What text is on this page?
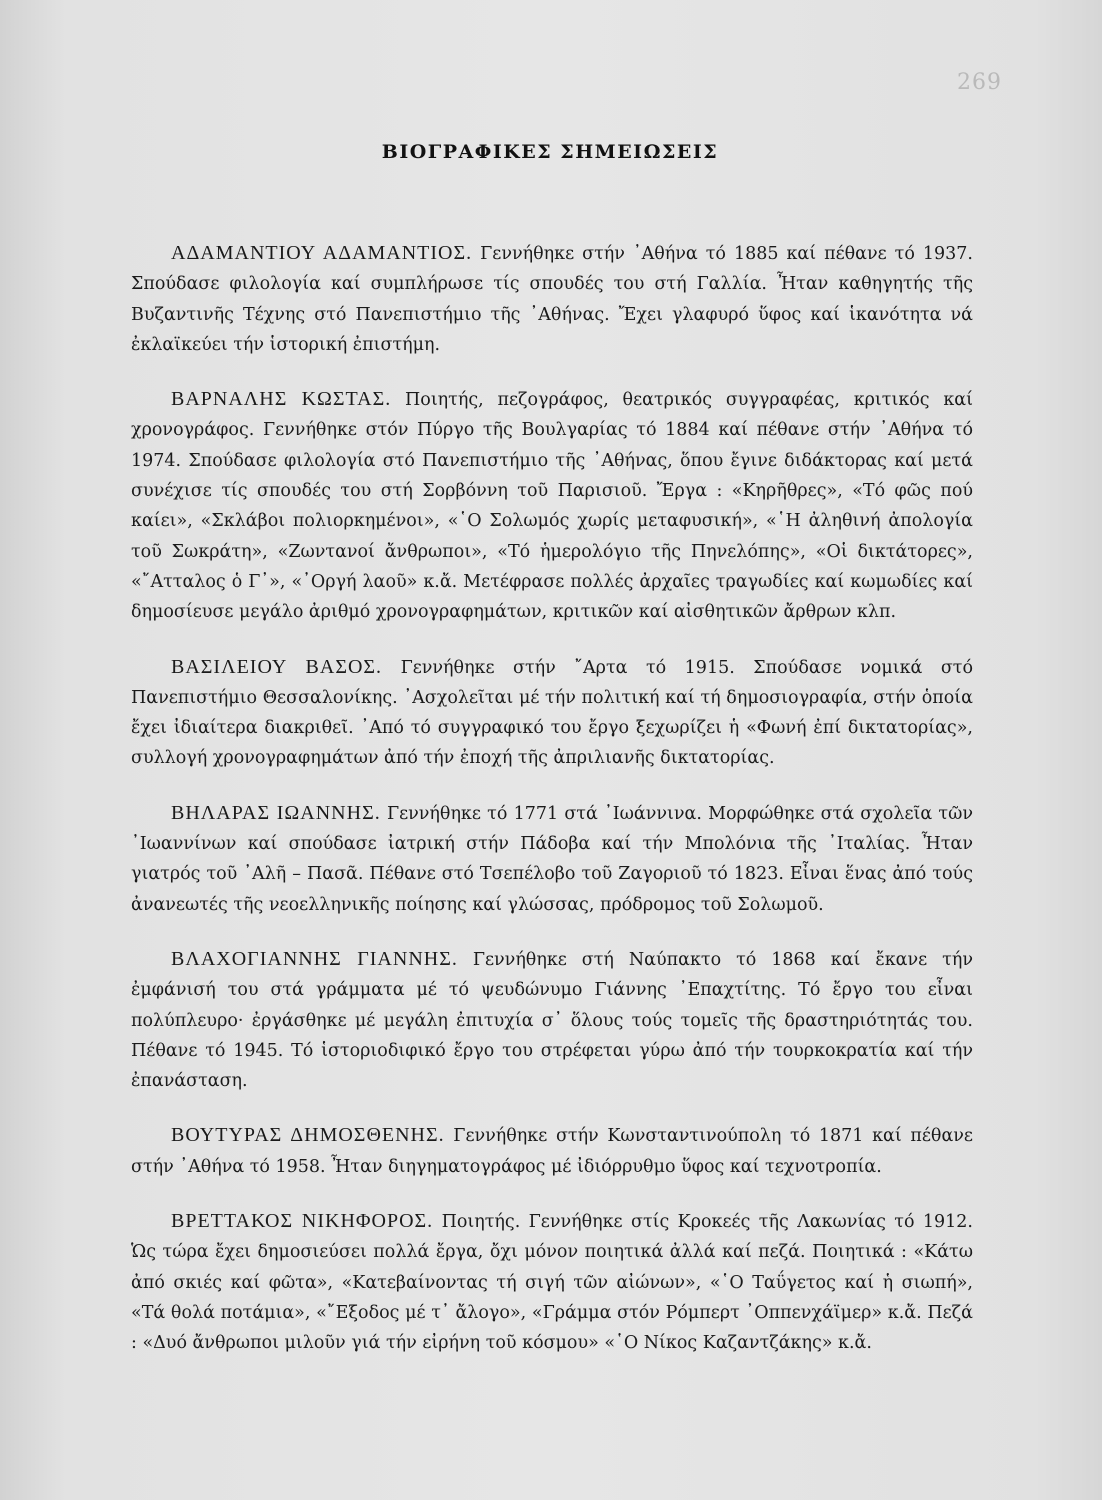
269
ΒΙΟΓΡΑΦΙΚΕΣ ΣΗΜΕΙΩΣΕΙΣ

ΑΔΑΜΑΝΤΙΟΥ ΑΔΑΜΑΝΤΙΟΣ. Γεννήθηκε στήν ᾽Αθήνα τό 1885 καί πέθανε τό 1937. Σπούδασε φιλολογία καί συμπλήρωσε τίς σπουδές του στή Γαλλία. Ἦταν καθηγητής τῆς Βυζαντινῆς Τέχνης στό Πανεπιστήμιο τῆς ᾽Αθήνας. Ἔχει γλαφυρό ὕφος καί ἱκανότητα νά ἐκλαϊκεύει τήν ἱστορική ἐπιστήμη.

ΒΑΡΝΑΛΗΣ ΚΩΣΤΑΣ. Ποιητής, πεζογράφος, θεατρικός συγγραφέας, κριτικός καί χρονογράφος. Γεννήθηκε στόν Πύργο τῆς Βουλγαρίας τό 1884 καί πέθανε στήν ᾽Αθήνα τό 1974. Σπούδασε φιλολογία στό Πανεπιστήμιο τῆς ᾽Αθήνας, ὅπου ἔγινε διδάκτορας καί μετά συνέχισε τίς σπουδές του στή Σορβόννη τοῦ Παρισιοῦ. Ἔργα : «Κηρῆθρες», «Τό φῶς πού καίει», «Σκλάβοι πολιορκημένοι», «῾Ο Σολωμός χωρίς μεταφυσική», «῾Η ἀληθινή ἀπολογία τοῦ Σωκράτη», «Ζωντανοί ἄνθρωποι», «Τό ἡμερολόγιο τῆς Πηνελόπης», «Οἱ δικτάτορες», «῎Ατταλος ὁ Γ᾽», «᾽Οργή λαοῦ» κ.ἄ. Μετέφρασε πολλές ἀρχαῖες τραγωδίες καί κωμωδίες καί δημοσίευσε μεγάλο ἀριθμό χρονογραφημάτων, κριτικῶν καί αἰσθητικῶν ἄρθρων κλπ.

ΒΑΣΙΛΕΙΟΥ ΒΑΣΟΣ. Γεννήθηκε στήν ῎Αρτα τό 1915. Σπούδασε νομικά στό Πανεπιστήμιο Θεσσαλονίκης. ᾽Ασχολεῖται μέ τήν πολιτική καί τή δημοσιογραφία, στήν ὁποία ἔχει ἰδιαίτερα διακριθεῖ. ᾽Από τό συγγραφικό του ἔργο ξεχωρίζει ἡ «Φωνή ἐπί δικτατορίας», συλλογή χρονογραφημάτων ἀπό τήν ἐποχή τῆς ἀπριλιανῆς δικτατορίας.

ΒΗΛΑΡΑΣ ΙΩΑΝΝΗΣ. Γεννήθηκε τό 1771 στά ᾽Ιωάννινα. Μορφώθηκε στά σχολεῖα τῶν ᾽Ιωαννίνων καί σπούδασε ἰατρική στήν Πάδοβα καί τήν Μπολόνια τῆς ᾽Ιταλίας. Ἦταν γιατρός τοῦ ᾽Αλῆ – Πασᾶ. Πέθανε στό Τσεπέλοβο τοῦ Ζαγοριοῦ τό 1823. Εἶναι ἕνας ἀπό τούς ἀνανεωτές τῆς νεοελληνικῆς ποίησης καί γλώσσας, πρόδρομος τοῦ Σολωμοῦ.

ΒΛΑΧΟΓΙΑΝΝΗΣ ΓΙΑΝΝΗΣ. Γεννήθηκε στή Ναύπακτο τό 1868 καί ἔκανε τήν ἐμφάνισή του στά γράμματα μέ τό ψευδώνυμο Γιάννης ᾽Επαχτίτης. Τό ἔργο του εἶναι πολύπλευρο· ἐργάσθηκε μέ μεγάλη ἐπιτυχία σ᾽ ὅλους τούς τομεῖς τῆς δραστηριότητάς του. Πέθανε τό 1945. Τό ἱστοριοδιφικό ἔργο του στρέφεται γύρω ἀπό τήν τουρκοκρατία καί τήν ἐπανάσταση.

ΒΟΥΤΥΡΑΣ ΔΗΜΟΣΘΕΝΗΣ. Γεννήθηκε στήν Κωνσταντινούπολη τό 1871 καί πέθανε στήν ᾽Αθήνα τό 1958. Ἦταν διηγηματογράφος μέ ἰδιόρρυθμο ὕφος καί τεχνοτροπία.

ΒΡΕΤΤΑΚΟΣ ΝΙΚΗΦΟΡΟΣ. Ποιητής. Γεννήθηκε στίς Κροκεές τῆς Λακωνίας τό 1912. Ὡς τώρα ἔχει δημοσιεύσει πολλά ἔργα, ὄχι μόνον ποιητικά ἀλλά καί πεζά. Ποιητικά : «Κάτω ἀπό σκιές καί φῶτα», «Κατεβαίνοντας τή σιγή τῶν αἰώνων», «῾Ο Ταΰγετος καί ἡ σιωπή», «Τά θολά ποτάμια», «῎Εξοδος μέ τ᾽ ἄλογο», «Γράμμα στόν Ρόμπερτ ᾽Οππενχάϊμερ» κ.ἄ. Πεζά : «Δυό ἄνθρωποι μιλοῦν γιά τήν εἰρήνη τοῦ κόσμου» «῾Ο Νίκος Καζαντζάκης» κ.ἄ.
